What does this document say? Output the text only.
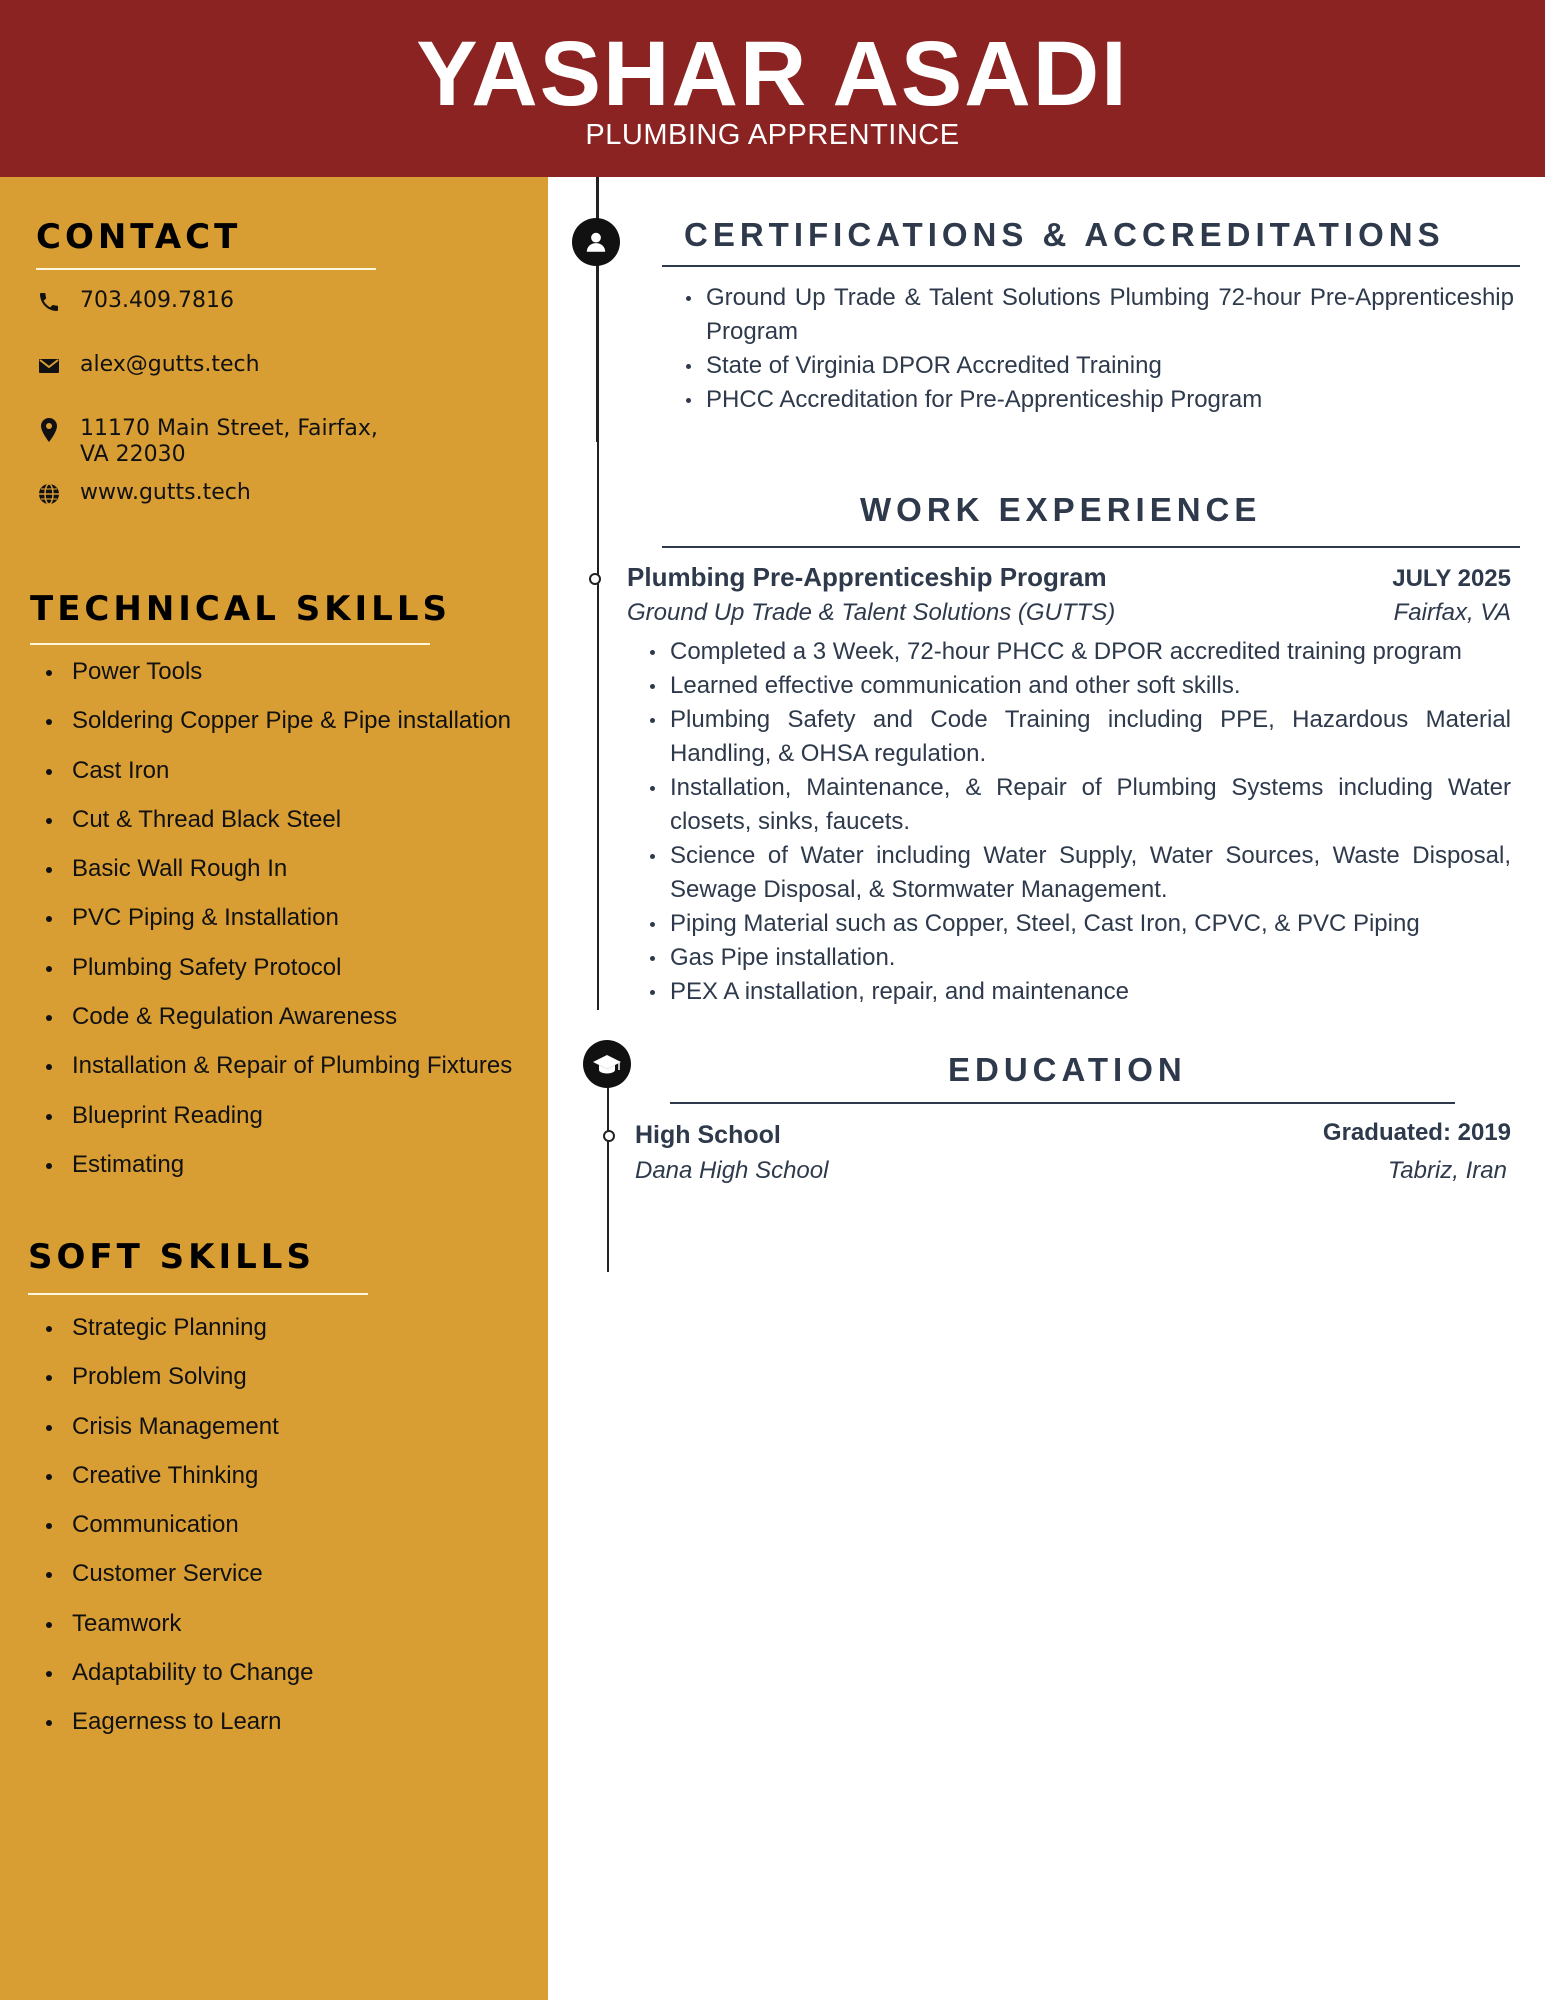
YASHAR ASADI
PLUMBING APPRENTINCE
CONTACT
703.409.7816
alex@gutts.tech
11170 Main Street, Fairfax,
VA 22030
www.gutts.tech
TECHNICAL SKILLS
Power Tools
Soldering Copper Pipe & Pipe installation
Cast Iron
Cut & Thread Black Steel
Basic Wall Rough In
PVC Piping & Installation
Plumbing Safety Protocol
Code & Regulation Awareness
Installation & Repair of Plumbing Fixtures
Blueprint Reading
Estimating
SOFT SKILLS
Strategic Planning
Problem Solving
Crisis Management
Creative Thinking
Communication
Customer Service
Teamwork
Adaptability to Change
Eagerness to Learn
CERTIFICATIONS & ACCREDITATIONS
Ground Up Trade & Talent Solutions Plumbing 72-hour Pre-Apprenticeship Program
State of Virginia DPOR Accredited Training
PHCC Accreditation for Pre-Apprenticeship Program
WORK EXPERIENCE
Plumbing Pre-Apprenticeship Program	JULY 2025
Ground Up Trade & Talent Solutions (GUTTS)	Fairfax, VA
Completed a 3 Week, 72-hour PHCC & DPOR accredited training program
Learned effective communication and other soft skills.
Plumbing Safety and Code Training including PPE, Hazardous Material Handling, & OHSA regulation.
Installation, Maintenance, & Repair of Plumbing Systems including Water closets, sinks, faucets.
Science of Water including Water Supply, Water Sources, Waste Disposal, Sewage Disposal, & Stormwater Management.
Piping Material such as Copper, Steel, Cast Iron, CPVC, & PVC Piping
Gas Pipe installation.
PEX A installation, repair, and maintenance
EDUCATION
High School	Graduated: 2019
Dana High School	Tabriz, Iran
